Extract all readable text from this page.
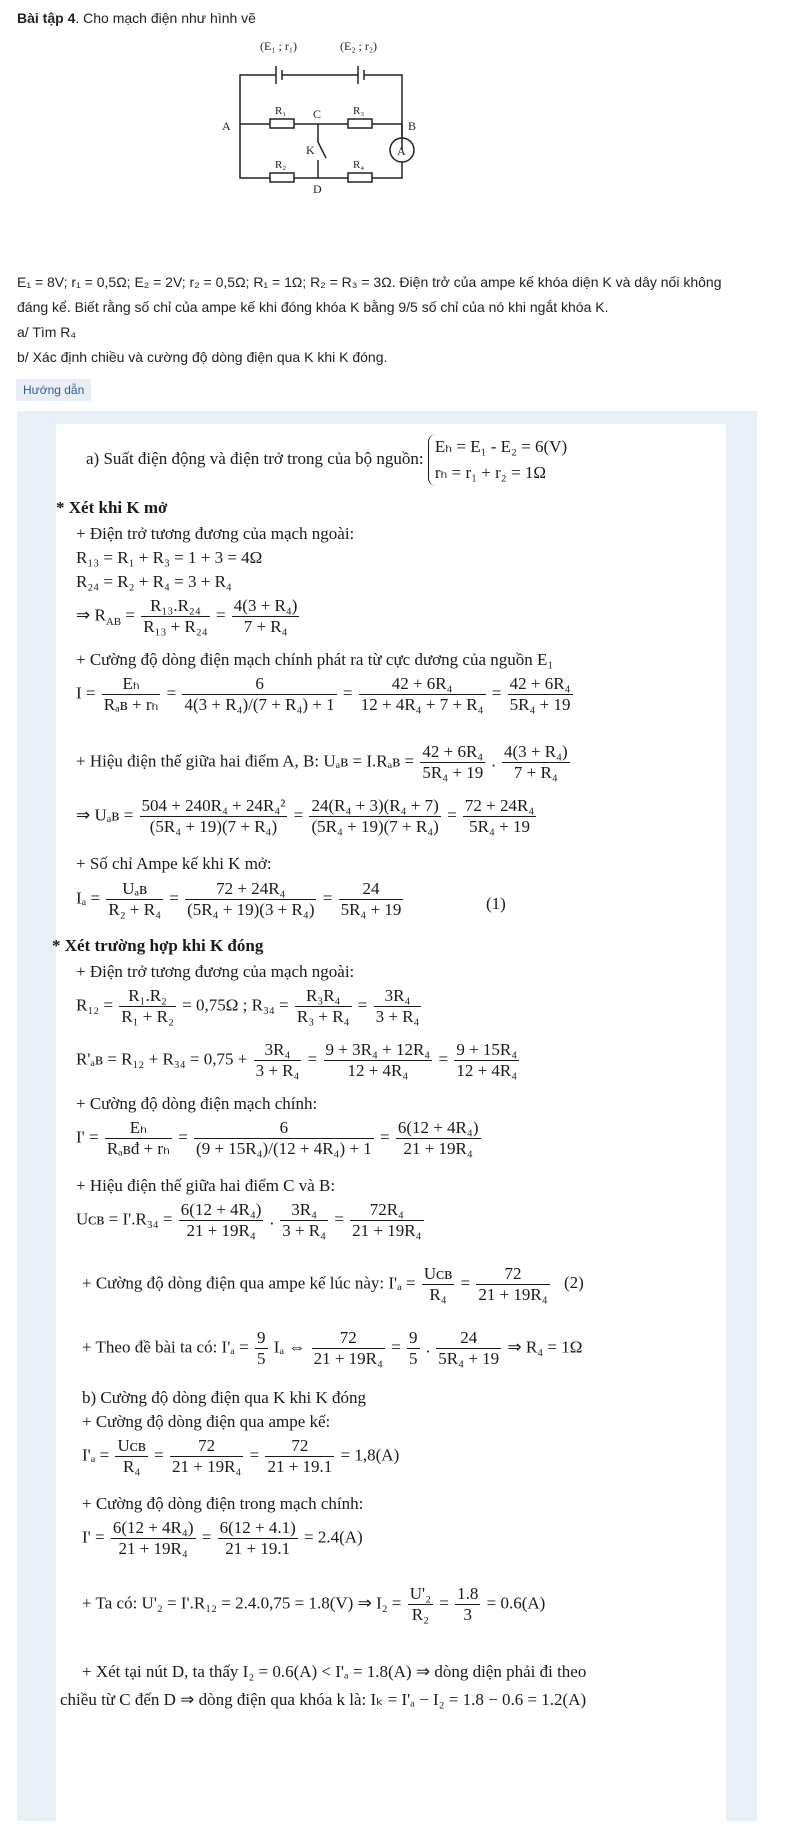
Bài tập 4. Cho mạch điện như hình vẽ
(E₁ ; r₁)	(E₂ ; r₂)
A	B
C
D
K	A
R₁	R₃
R₂	R₄
E₁ = 8V; r₁ = 0,5Ω; E₂ = 2V; r₂ = 0,5Ω; R₁ = 1Ω; R₂ = R₃ = 3Ω. Điện trở của ampe kế khóa diện K và dây nối không
đáng kể. Biết rằng số chỉ của ampe kế khi đóng khóa K bằng 9/5 số chỉ của nó khi ngắt khóa K.
a/ Tìm R₄
b/ Xác định chiều và cường độ dòng điện qua K khi K đóng.
Hướng dẫn
a) Suất điện động và điện trở trong của bộ nguồn:
Eₕ = E₁ - E₂ = 6(V)
rₕ = r₁ + r₂ = 1Ω
* Xét khi K mở
+ Điện trở tương đương của mạch ngoài:
R₁₃ = R₁ + R₃ = 1 + 3 = 4Ω
R₂₄ = R₂ + R₄ = 3 + R₄
⇒ $R_{AB} = \frac{\text{R₁₃.R₂₄}}{\text{R₁₃ + R₂₄}} = \frac{\text{4(3 + R₄)}}{\text{7 + R₄}}$
+ Cường độ dòng điện mạch chính phát ra từ cực dương của nguồn E₁
$I = \frac{\text{Eₕ}}{\text{Rₐʙ + rₕ}} = \frac{6}{\text{4(3 + R₄)/(7 + R₄) + 1}} = \frac{\text{42 + 6R₄}}{\text{12 + 4R₄ + 7 + R₄}} = \frac{\text{42 + 6R₄}}{\text{5R₄ + 19}}$
+ Hiệu điện thế giữa hai điểm A, B: Uₐʙ = I.Rₐʙ = $\frac{\text{42 + 6R₄}}{\text{5R₄ + 19}}$ . $\frac{\text{4(3 + R₄)}}{\text{7 + R₄}}$
⇒ Uₐʙ = $\frac{\text{504 + 240R₄ + 24R₄²}}{\text{(5R₄ + 19)(7 + R₄)}} = \frac{\text{24(R₄ + 3)(R₄ + 7)}}{\text{(5R₄ + 19)(7 + R₄)}} = \frac{\text{72 + 24R₄}}{\text{5R₄ + 19}}$
+ Số chỉ Ampe kế khi K mở:
$I_a = \frac{\text{Uₐʙ}}{\text{R₂ + R₄}} = \frac{\text{72 + 24R₄}}{\text{(5R₄ + 19)(3 + R₄)}} = \frac{24}{\text{5R₄ + 19}}$	(1)
* Xét trường hợp khi K đóng
+ Điện trở tương đương của mạch ngoài:
$R_{12} = \frac{\text{R₁.R₂}}{\text{R₁ + R₂}} = 0,75\Omega$ ; $R_{34} = \frac{\text{R₃R₄}}{\text{R₃ + R₄}} = \frac{\text{3R₄}}{\text{3 + R₄}}$
R'ₐʙ = $R_{12} + R_{34} = 0,75 + \frac{\text{3R₄}}{\text{3 + R₄}} = \frac{\text{9 + 3R₄ + 12R₄}}{\text{12 + 4R₄}} = \frac{\text{9 + 15R₄}}{\text{12 + 4R₄}}$
+ Cường độ dòng điện mạch chính:
$I' = \frac{\text{Eₕ}}{\text{Rₐʙđ + rₕ}} = \frac{6}{\text{(9 + 15R₄)/(12 + 4R₄) + 1}} = \frac{\text{6(12 + 4R₄)}}{\text{21 + 19R₄}}$
+ Hiệu điện thế giữa hai điểm C và B:
Uᴄʙ = $I'.R_{34} = \frac{\text{6(12 + 4R₄)}}{\text{21 + 19R₄}}$ . $\frac{\text{3R₄}}{\text{3 + R₄}} = \frac{\text{72R₄}}{\text{21 + 19R₄}}$
+ Cường độ dòng điện qua ampe kế lúc này: $I'_a = \frac{\text{Uᴄʙ}}{\text{R₄}} = \frac{72}{\text{21 + 19R₄}} (2)$
+ Theo đề bài ta có: $I'_a = \frac{9}{5}$ Iₐ ⇔ $\frac{72}{\text{21 + 19R₄}} = \frac{9}{5}$ . $\frac{24}{\text{5R₄ + 19}}$ ⇒ R₄ = 1Ω
b) Cường độ dòng điện qua K khi K đóng
+ Cường độ dòng điện qua ampe kế:
$I'_a = \frac{\text{Uᴄʙ}}{\text{R₄}} = \frac{72}{\text{21 + 19R₄}} = \frac{72}{21 + 19.1} = 1,8(A)$
+ Cường độ dòng điện trong mạch chính:
$I' = \frac{\text{6(12 + 4R₄)}}{\text{21 + 19R₄}} = \frac{6(12 + 4.1)}{21 + 19.1} = 2.4(A)$
+ Ta có: U'₂ = I'.R₁₂ = 2.4.0,75 = 1.8(V) ⇒ $I_2 = \frac{\text{U'₂}}{\text{R₂}} = \frac{1.8}{3} = 0.6(A)$
+ Xét tại nút D, ta thấy I₂ = 0.6(A) < I'ₐ = 1.8(A) ⇒ dòng diện phải đi theo
chiều từ C đến D ⇒ dòng điện qua khóa k là: Iₖ = I'ₐ − I₂ = 1.8 − 0.6 = 1.2(A)
